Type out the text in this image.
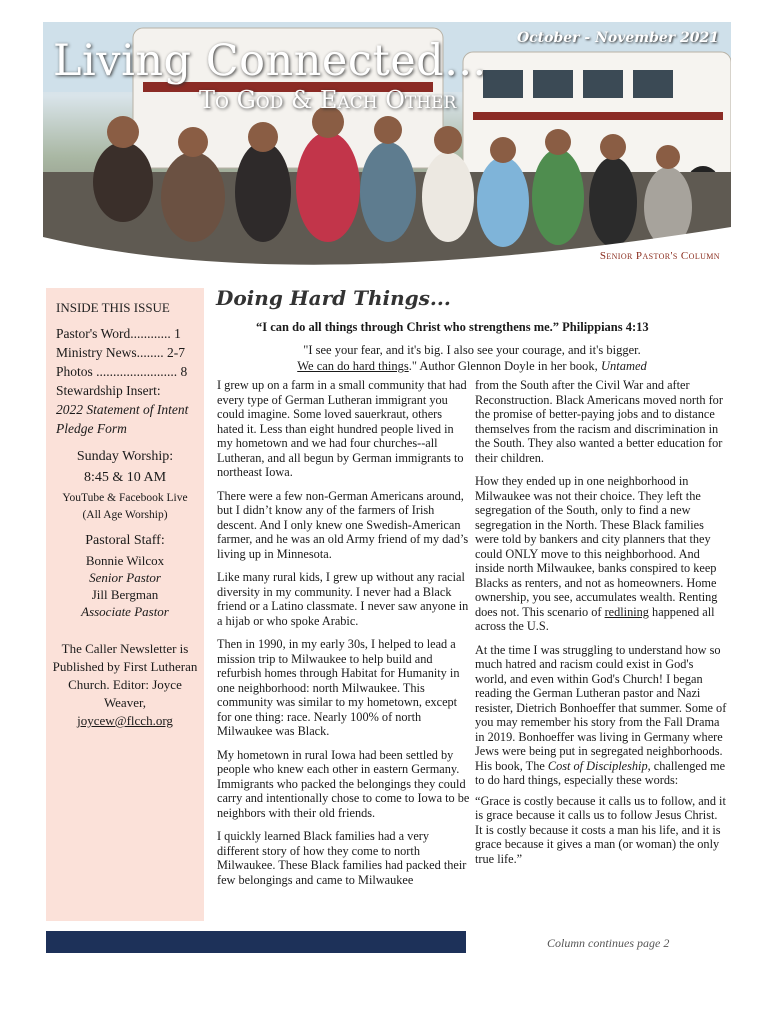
Living Connected...
To God & Each Other
October - November 2021
Senior Pastor's Column
INSIDE THIS ISSUE
Pastor's Word............ 1
Ministry News........ 2-7
Photos ........................ 8
Stewardship Insert:
2022 Statement of Intent Pledge Form
Sunday Worship:
8:45 & 10 AM
YouTube & Facebook Live
(All Age Worship)
Pastoral Staff:
Bonnie Wilcox
Senior Pastor
Jill Bergman
Associate Pastor
The Caller Newsletter is Published by First Lutheran Church. Editor: Joyce Weaver,
joycew@flcch.org
Doing Hard Things...
“I can do all things through Christ who strengthens me.” Philippians 4:13
"I see your fear, and it's big. I also see your courage, and it's bigger.
We can do hard things." Author Glennon Doyle in her book, Untamed

I grew up on a farm in a small community that had every type of German Lutheran immigrant you could imagine. Some loved sauerkraut, others hated it. Less than eight hundred people lived in my hometown and we had four churches--all Lutheran, and all begun by German immigrants to northeast Iowa.

There were a few non-German Americans around, but I didn’t know any of the farmers of Irish descent. And I only knew one Swedish-American farmer, and he was an old Army friend of my dad’s living up in Minnesota.

Like many rural kids, I grew up without any racial diversity in my community. I never had a Black friend or a Latino classmate. I never saw anyone in a hijab or who spoke Arabic.

Then in 1990, in my early 30s, I helped to lead a mission trip to Milwaukee to help build and refurbish homes through Habitat for Humanity in one neighborhood: north Milwaukee. This community was similar to my hometown, except for one thing: race. Nearly 100% of north Milwaukee was Black.

My hometown in rural Iowa had been settled by people who knew each other in eastern Germany. Immigrants who packed the belongings they could carry and intentionally chose to come to Iowa to be neighbors with their old friends.

I quickly learned Black families had a very different story of how they come to north Milwaukee. These Black families had packed their few belongings and came to Milwaukee

from the South after the Civil War and after Reconstruction. Black Americans moved north for the promise of better-paying jobs and to distance themselves from the racism and discrimination in the South. They also wanted a better education for their children.

How they ended up in one neighborhood in Milwaukee was not their choice. They left the segregation of the South, only to find a new segregation in the North. These Black families were told by bankers and city planners that they could ONLY move to this neighborhood. And inside north Milwaukee, banks conspired to keep Blacks as renters, and not as homeowners. Home ownership, you see, accumulates wealth. Renting does not. This scenario of redlining happened all across the U.S.

At the time I was struggling to understand how so much hatred and racism could exist in God's world, and even within God's Church! I began reading the German Lutheran pastor and Nazi resister, Dietrich Bonhoeffer that summer. Some of you may remember his story from the Fall Drama in 2019. Bonhoeffer was living in Germany where Jews were being put in segregated neighborhoods. His book, The Cost of Discipleship, challenged me to do hard things, especially these words:

“Grace is costly because it calls us to follow, and it is grace because it calls us to follow Jesus Christ. It is costly because it costs a man his life, and it is grace because it gives a man (or woman) the only true life.”

Column continues page 2
